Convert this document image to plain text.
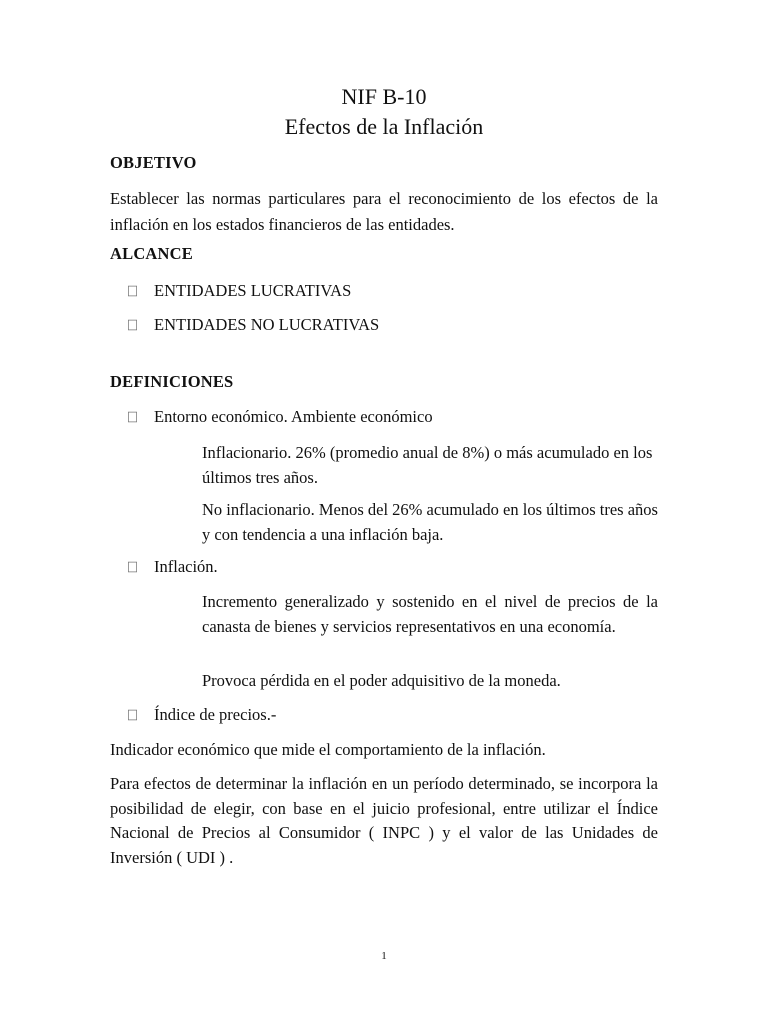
NIF B-10
Efectos de la Inflación
OBJETIVO
Establecer las normas particulares para el reconocimiento de los efectos de la inflación en los estados financieros de las entidades.
ALCANCE
ENTIDADES LUCRATIVAS
ENTIDADES NO LUCRATIVAS
DEFINICIONES
Entorno económico. Ambiente económico
Inflacionario. 26% (promedio anual de 8%) o más acumulado en los últimos tres años.
No inflacionario. Menos del 26% acumulado en los últimos tres años y con tendencia a una inflación baja.
Inflación.
Incremento generalizado y sostenido en el nivel de precios de la canasta de bienes y servicios representativos en una economía.
Provoca pérdida en el poder adquisitivo de la moneda.
Índice de precios.-
Indicador económico que mide el comportamiento de la inflación.
Para efectos de determinar la inflación en un período determinado, se incorpora la posibilidad de elegir, con base en el juicio profesional, entre utilizar el Índice Nacional de Precios al Consumidor ( INPC ) y el valor de las Unidades de Inversión ( UDI ) .
1
